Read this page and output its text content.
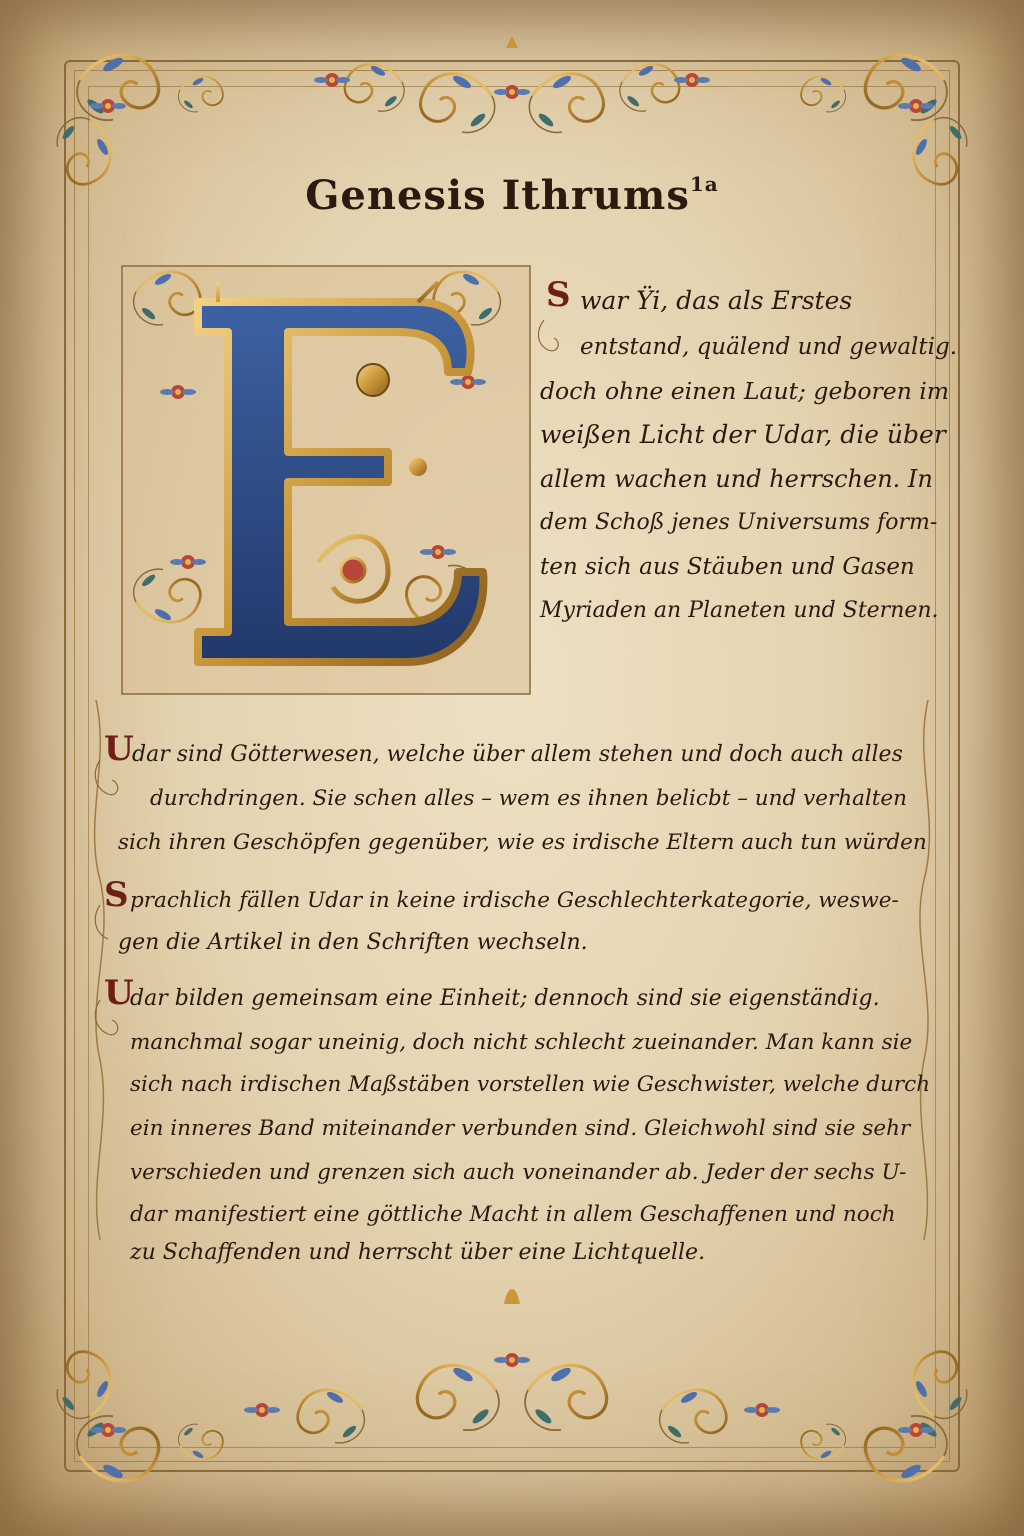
Genesis Ithrums$^{1a}$
S war Ÿi, das als Erstes
entstand, quälend und gewaltig.
doch ohne einen Laut; geboren im
weißen Licht der Udar, die über
allem wachen und herrschen. In
dem Schoß jenes Universums form-
ten sich aus Stäuben und Gasen
Myriaden an Planeten und Sternen.
U
dar sind Götterwesen, welche über allem stehen und doch auch alles
durchdringen. Sie schen alles – wem es ihnen belicbt – und verhalten
sich ihren Geschöpfen gegenüber, wie es irdische Eltern auch tun würden
S prachlich fällen Udar in keine irdische Geschlechterkategorie, weswe-
gen die Artikel in den Schriften wechseln.
U
dar bilden gemeinsam eine Einheit; dennoch sind sie eigenständig.
manchmal sogar uneinig, doch nicht schlecht zueinander. Man kann sie
sich nach irdischen Maßstäben vorstellen wie Geschwister, welche durch
ein inneres Band miteinander verbunden sind. Gleichwohl sind sie sehr
verschieden und grenzen sich auch voneinander ab. Jeder der sechs U-
dar manifestiert eine göttliche Macht in allem Geschaffenen und noch
zu Schaffenden und herrscht über eine Lichtquelle.
